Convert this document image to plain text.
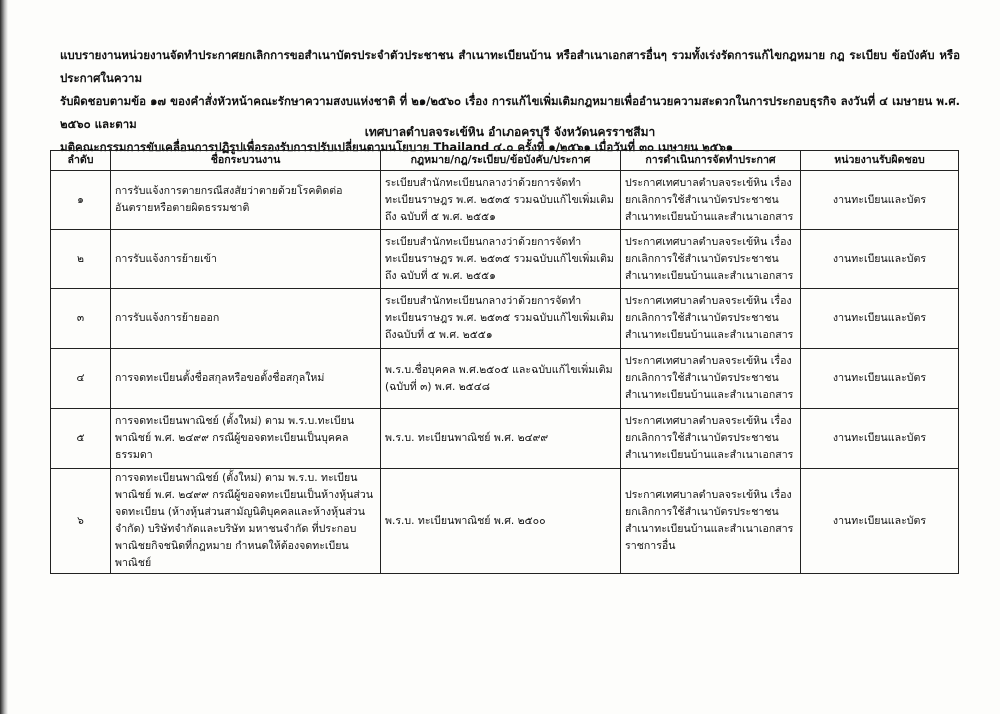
แบบรายงานหน่วยงานจัดทำประกาศยกเลิกการขอสำเนาบัตรประจำตัวประชาชน สำเนาทะเบียนบ้าน หรือสำเนาเอกสารอื่นๆ รวมทั้งเร่งรัดการแก้ไขกฎหมาย กฎ ระเบียบ ข้อบังคับ หรือประกาศในความ
รับผิดชอบตามข้อ ๑๗ ของคำสั่งหัวหน้าคณะรักษาความสงบแห่งชาติ ที่ ๒๑/๒๕๖๐ เรื่อง การแก้ไขเพิ่มเติมกฎหมายเพื่ออำนวยความสะดวกในการประกอบธุรกิจ ลงวันที่ ๔ เมษายน พ.ศ. ๒๕๖๐ และตาม
มติคณะกรรมการขับเคลื่อนการปฏิรูปเพื่อรองรับการปรับเปลี่ยนตามนโยบาย Thailand ๔.๐ ครั้งที่ ๑/๒๕๖๑ เมื่อวันที่ ๓๐ เมษายน ๒๕๖๑
เทศบาลตำบลจระเข้หิน อำเภอครบุรี จังหวัดนครราชสีมา
ลำดับ	ชื่อกระบวนงาน	กฎหมาย/กฎ/ระเบียบ/ข้อบังคับ/ประกาศ	การดำเนินการจัดทำประกาศ	หน่วยงานรับผิดชอบ
๑	การรับแจ้งการตายกรณีสงสัยว่าตายด้วยโรคติดต่ออันตรายหรือตายผิดธรรมชาติ	ระเบียบสำนักทะเบียนกลางว่าด้วยการจัดทำทะเบียนราษฎร พ.ศ. ๒๕๓๕ รวมฉบับแก้ไขเพิ่มเติมถึง ฉบับที่ ๕ พ.ศ. ๒๕๕๑	ประกาศเทศบาลตำบลจระเข้หิน เรื่อง ยกเลิกการใช้สำเนาบัตรประชาชน สำเนาทะเบียนบ้านและสำเนาเอกสาร	งานทะเบียนและบัตร
๒	การรับแจ้งการย้ายเข้า	ระเบียบสำนักทะเบียนกลางว่าด้วยการจัดทำทะเบียนราษฎร พ.ศ. ๒๕๓๕ รวมฉบับแก้ไขเพิ่มเติมถึง ฉบับที่ ๕ พ.ศ. ๒๕๕๑	ประกาศเทศบาลตำบลจระเข้หิน เรื่อง ยกเลิกการใช้สำเนาบัตรประชาชน สำเนาทะเบียนบ้านและสำเนาเอกสาร	งานทะเบียนและบัตร
๓	การรับแจ้งการย้ายออก	ระเบียบสำนักทะเบียนกลางว่าด้วยการจัดทำทะเบียนราษฎร พ.ศ. ๒๕๓๕ รวมฉบับแก้ไขเพิ่มเติมถึงฉบับที่ ๕ พ.ศ. ๒๕๕๑	ประกาศเทศบาลตำบลจระเข้หิน เรื่อง ยกเลิกการใช้สำเนาบัตรประชาชน สำเนาทะเบียนบ้านและสำเนาเอกสาร	งานทะเบียนและบัตร
๔	การจดทะเบียนตั้งชื่อสกุลหรือขอตั้งชื่อสกุลใหม่	พ.ร.บ.ชื่อบุคคล พ.ศ.๒๕๐๕ และฉบับแก้ไขเพิ่มเติม (ฉบับที่ ๓) พ.ศ. ๒๕๔๘	ประกาศเทศบาลตำบลจระเข้หิน เรื่อง ยกเลิกการใช้สำเนาบัตรประชาชน สำเนาทะเบียนบ้านและสำเนาเอกสาร	งานทะเบียนและบัตร
๕	การจดทะเบียนพาณิชย์ (ตั้งใหม่) ตาม พ.ร.บ.ทะเบียนพาณิชย์ พ.ศ. ๒๔๙๙ กรณีผู้ขอจดทะเบียนเป็นบุคคลธรรมดา	พ.ร.บ. ทะเบียนพาณิชย์ พ.ศ. ๒๔๙๙	ประกาศเทศบาลตำบลจระเข้หิน เรื่อง ยกเลิกการใช้สำเนาบัตรประชาชน สำเนาทะเบียนบ้านและสำเนาเอกสาร	งานทะเบียนและบัตร
๖	การจดทะเบียนพาณิชย์ (ตั้งใหม่) ตาม พ.ร.บ. ทะเบียนพาณิชย์ พ.ศ. ๒๔๙๙ กรณีผู้ขอจดทะเบียนเป็นห้างหุ้นส่วนจดทะเบียน (ห้างหุ้นส่วนสามัญนิติบุคคลและห้างหุ้นส่วนจำกัด) บริษัทจำกัดและบริษัท มหาชนจำกัด ที่ประกอบพาณิชยกิจชนิดที่กฎหมาย กำหนดให้ต้องจดทะเบียนพาณิชย์	พ.ร.บ. ทะเบียนพาณิชย์ พ.ศ. ๒๕๐๐	ประกาศเทศบาลตำบลจระเข้หิน เรื่อง ยกเลิกการใช้สำเนาบัตรประชาชน สำเนาทะเบียนบ้านและสำเนาเอกสาร ราชการอื่น	งานทะเบียนและบัตร
